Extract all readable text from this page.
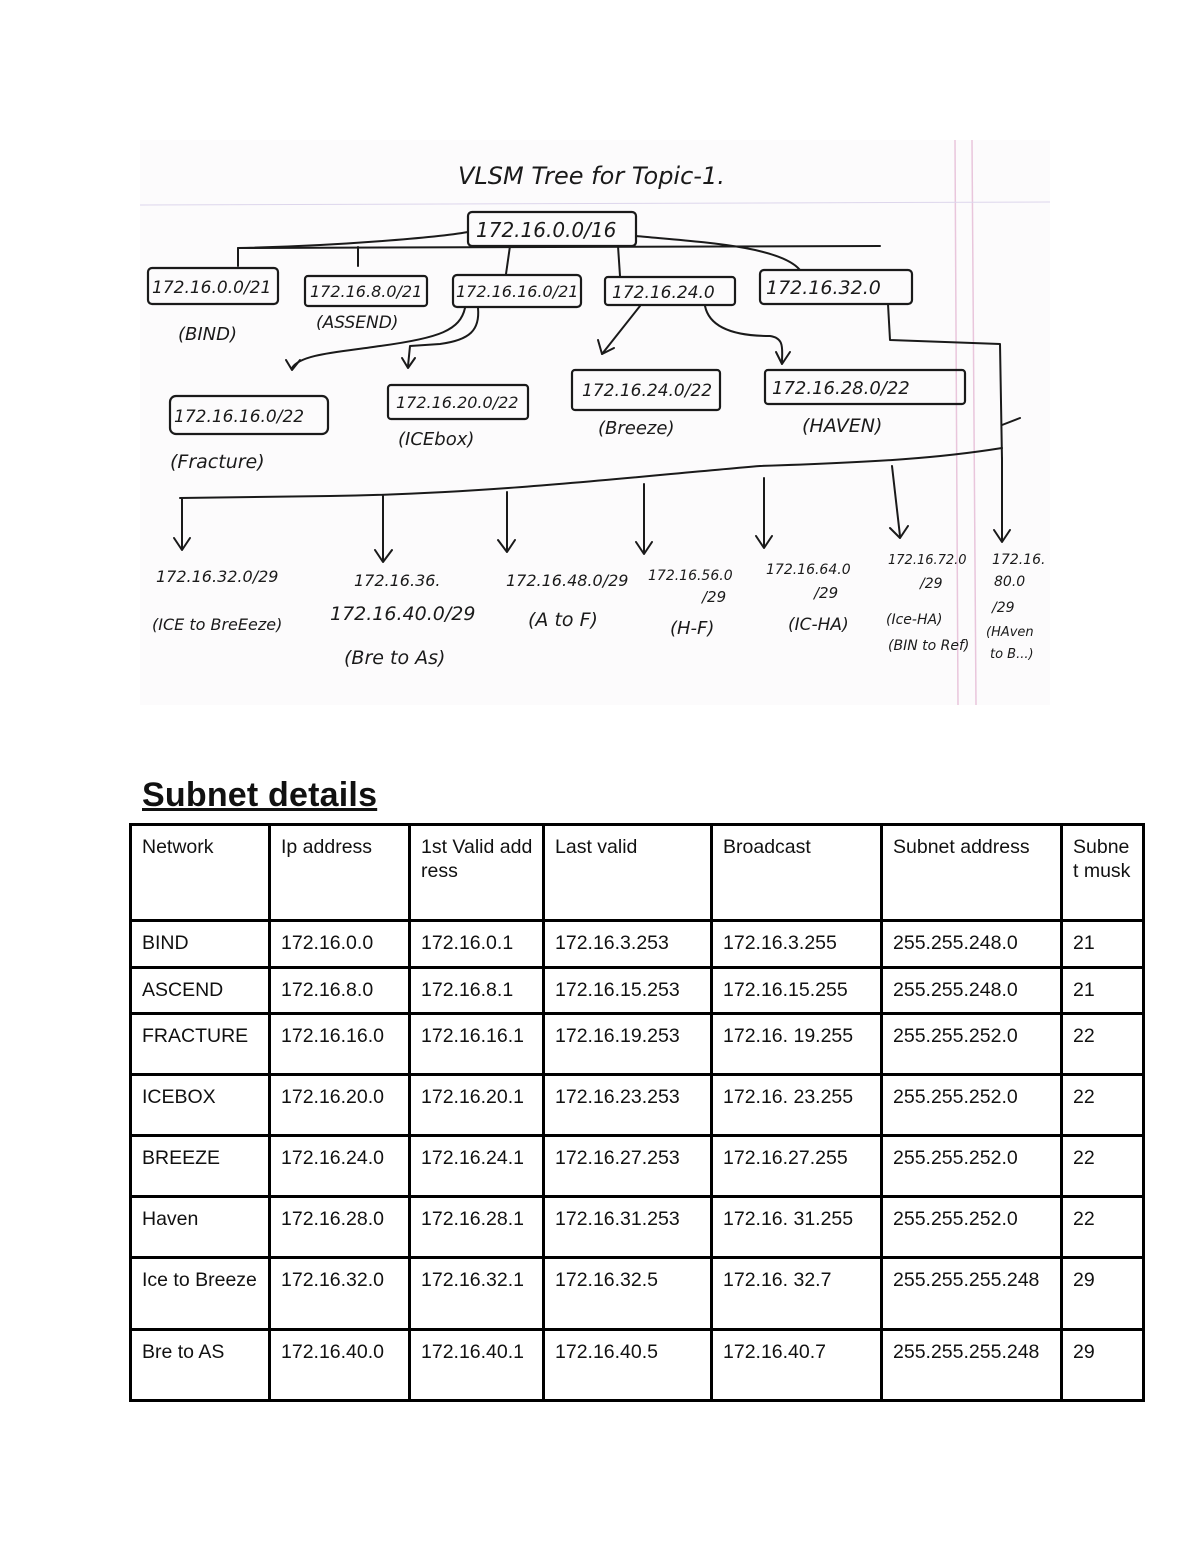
VLSM Tree for Topic-1.
172.16.0.0/16
172.16.0.0/21
(BIND)
172.16.8.0/21
(ASSEND)
172.16.16.0/21 172.16.24.0	172.16.32.0
172.16.16.0/22
(Fracture)
172.16.20.0/22
(ICEbox)
172.16.24.0/22
(Breeze)
172.16.28.0/22
(HAVEN)
172.16.32.0/29
(ICE to BreEeze)
172.16.36.
172.16.40.0/29
(Bre to As)
172.16.48.0/29
(A to F)
172.16.56.0
/29
(H-F)
172.16.64.0
/29
(IC-HA)
172.16.72.0
/29
(Ice-HA)
(BIN to Ref)
172.16.
80.0
/29
(HAven
to B...)
Subnet details
Network	Ip address	1st Valid address	Last valid	Broadcast	Subnet address	Subnet musk
BIND	172.16.0.0	172.16.0.1	172.16.3.253	172.16.3.255	255.255.248.0	21
ASCEND	172.16.8.0	172.16.8.1	172.16.15.253	172.16.15.255	255.255.248.0	21
FRACTURE	172.16.16.0	172.16.16.1	172.16.19.253	172.16. 19.255	255.255.252.0	22
ICEBOX	172.16.20.0	172.16.20.1	172.16.23.253	172.16. 23.255	255.255.252.0	22
BREEZE	172.16.24.0	172.16.24.1	172.16.27.253	172.16.27.255	255.255.252.0	22
Haven	172.16.28.0	172.16.28.1	172.16.31.253	172.16. 31.255	255.255.252.0	22
Ice to Breeze	172.16.32.0	172.16.32.1	172.16.32.5	172.16. 32.7	255.255.255.248	29
Bre to AS	172.16.40.0	172.16.40.1	172.16.40.5	172.16.40.7	255.255.255.248	29
